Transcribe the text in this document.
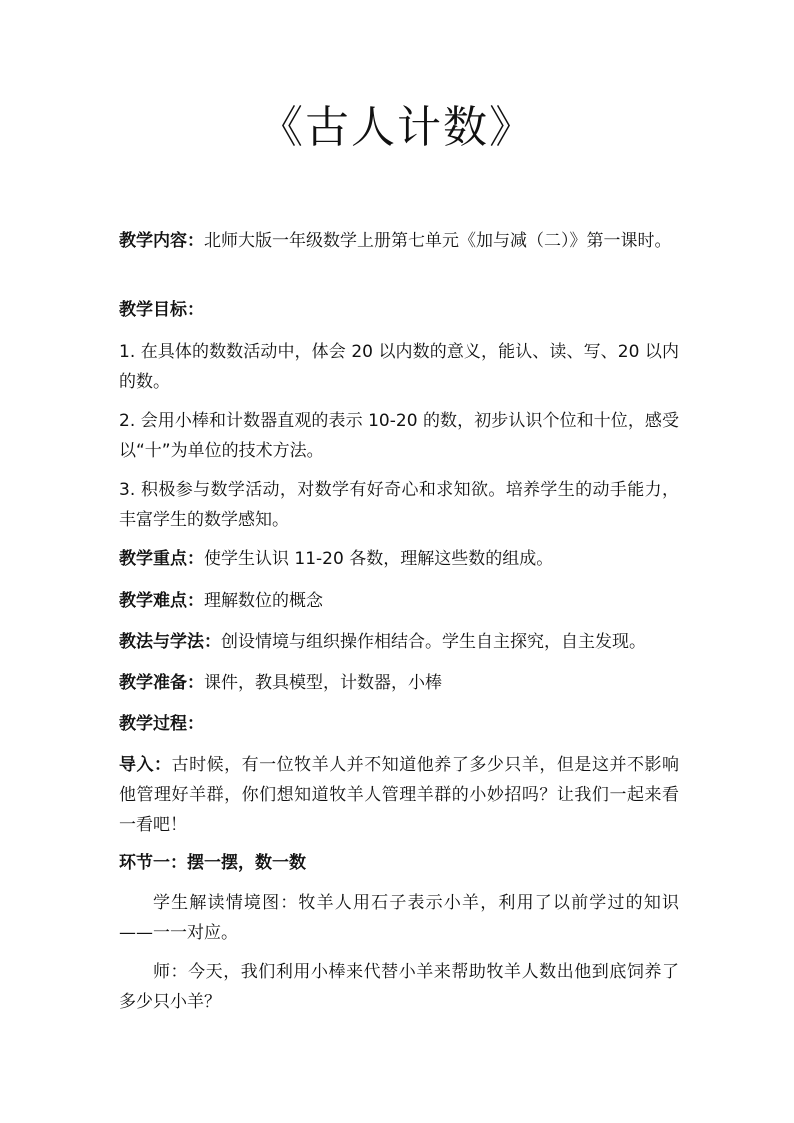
《古人计数》

教学内容：北师大版一年级数学上册第七单元《加与减（二）》第一课时。

教学目标：

1. 在具体的数数活动中，体会 20 以内数的意义，能认、读、写、20 以内的数。

2. 会用小棒和计数器直观的表示 10-20 的数，初步认识个位和十位，感受以“十”为单位的技术方法。

3. 积极参与数学活动，对数学有好奇心和求知欲。培养学生的动手能力，丰富学生的数学感知。

教学重点：使学生认识 11-20 各数，理解这些数的组成。

教学难点：理解数位的概念

教法与学法：创设情境与组织操作相结合。学生自主探究，自主发现。

教学准备：课件，教具模型，计数器，小棒

教学过程：

导入：古时候，有一位牧羊人并不知道他养了多少只羊，但是这并不影响他管理好羊群，你们想知道牧羊人管理羊群的小妙招吗？让我们一起来看一看吧！

环节一：摆一摆，数一数

学生解读情境图：牧羊人用石子表示小羊，利用了以前学过的知识——一一对应。

师：今天，我们利用小棒来代替小羊来帮助牧羊人数出他到底饲养了多少只小羊？
